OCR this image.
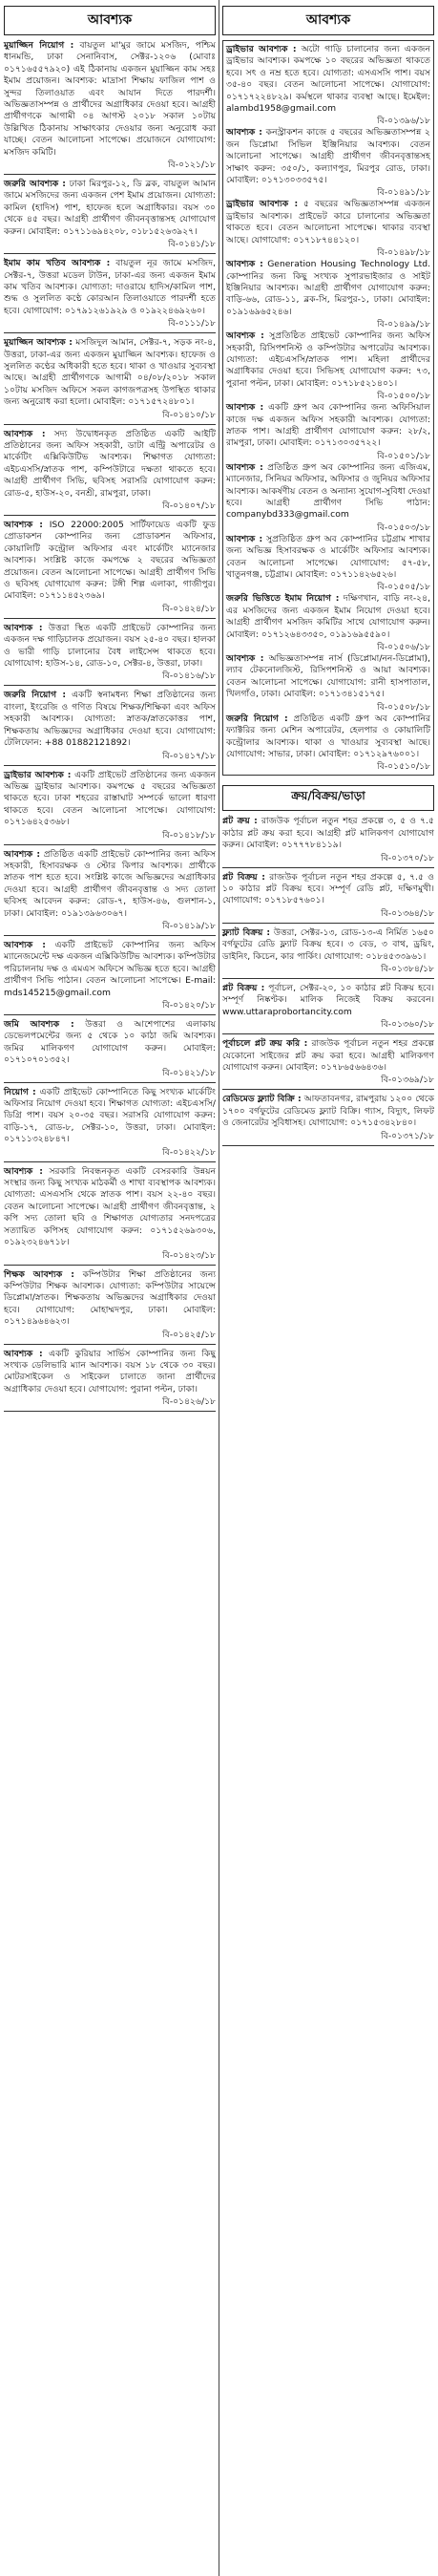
আবশ্যক
মুয়াজ্জিন নিয়োগ : বায়তুল মা'মুর জামে মসজিদ, পশ্চিম ধানমন্ডি, ঢাকা সেনানিবাস, সেক্টর-১২০৬ (মোবাঃ ০১৭১৬৫৫৭৯২০) এই ঠিকানায় একজন মুয়াজ্জিন কাম সহঃ ইমাম প্রয়োজন। আবশ্যক: মাদ্রাসা শিক্ষায় ফাজিল পাশ ও সুন্দর তিলাওয়াত এবং আযান দিতে পারদর্শী। অভিজ্ঞতাসম্পন্ন ও প্রার্থীদের অগ্রাধিকার দেওয়া হবে। আগ্রহী প্রার্থীগণকে আগামী ০৪ আগস্ট ২০১৮ সকাল ১০টায় উল্লিখিত ঠিকানায় সাক্ষাৎকার দেওয়ার জন্য অনুরোধ করা যাচ্ছে। বেতন আলোচনা সাপেক্ষে। প্রয়োজনে যোগাযোগ: মসজিদ কমিটি।
বি-০১২১/১৮
জরুরি আবশ্যক : ঢাকা মিরপুর-১২, ডি ব্লক, বায়তুল আমান জামে মসজিদের জন্য একজন পেশ ইমাম প্রয়োজন। যোগ্যতা: কামিল (হাদিস) পাশ, হাফেজ হলে অগ্রাধিকার। বয়স ৩০ থেকে ৪৫ বছর। আগ্রহী প্রার্থীগণ জীবনবৃত্তান্তসহ যোগাযোগ করুন। মোবাইল: ০১৭১১৬৯৪২০৮, ০১৮১৫২৬৩৯২৭।
বি-০১৪১/১৮
ইমাম কাম খতিব আবশ্যক : বায়তুল নূর জামে মসজিদ, সেক্টর-৭, উত্তরা মডেল টাউন, ঢাকা-এর জন্য একজন ইমাম কাম খতিব আবশ্যক। যোগ্যতা: দাওরায়ে হাদিস/কামিল পাশ, শুদ্ধ ও সুললিত কণ্ঠে কোরআন তিলাওয়াতে পারদর্শী হতে হবে। যোগাযোগ: ০১৭৯১২৬১৯২৯ ও ০১৯২২৪৬৯২৬০।
বি-০১১১/১৮
মুয়াজ্জিন আবশ্যক : মসজিদুল আমান, সেক্টর-৭, সড়ক নং-৪, উত্তরা, ঢাকা-এর জন্য একজন মুয়াজ্জিন আবশ্যক। হাফেজ ও সুললিত কণ্ঠের অধিকারী হতে হবে। থাকা ও খাওয়ার সুব্যবস্থা আছে। আগ্রহী প্রার্থীগণকে আগামী ০৪/০৮/২০১৮ সকাল ১০টায় মসজিদ অফিসে সকল কাগজপত্রসহ উপস্থিত থাকার জন্য অনুরোধ করা হলো। মোবাইল: ০১৭১৫৭২৪৮০১।
বি-০১৪১০/১৮
আবশ্যক : সদ্য উদ্বোধনকৃত প্রতিষ্ঠিত একটি আইটি প্রতিষ্ঠানের জন্য অফিস সহকারী, ডাটা এন্ট্রি অপারেটর ও মার্কেটিং এক্সিকিউটিভ আবশ্যক। শিক্ষাগত যোগ্যতা: এইচএসসি/স্নাতক পাশ, কম্পিউটারে দক্ষতা থাকতে হবে। আগ্রহী প্রার্থীগণ সিভি, ছবিসহ সরাসরি যোগাযোগ করুন: রোড-৫, হাউস-২০, বনশ্রী, রামপুরা, ঢাকা।
বি-০১৪০৭/১৮
আবশ্যক : ISO 22000:2005 সার্টিফায়েড একটি ফুড প্রোডাকশন কোম্পানির জন্য প্রোডাকশন অফিসার, কোয়ালিটি কন্ট্রোল অফিসার এবং মার্কেটিং ম্যানেজার আবশ্যক। সংশ্লিষ্ট কাজে কমপক্ষে ২ বছরের অভিজ্ঞতা প্রয়োজন। বেতন আলোচনা সাপেক্ষে। আগ্রহী প্রার্থীগণ সিভি ও ছবিসহ যোগাযোগ করুন: টঙ্গী শিল্প এলাকা, গাজীপুর। মোবাইল: ০১৭১১৪৫২৩৬৯।
বি-০১৪২৪/১৮
আবশ্যক : উত্তরা স্থিত একটি প্রাইভেট কোম্পানির জন্য একজন দক্ষ গাড়িচালক প্রয়োজন। বয়স ২৫-৪০ বছর। হালকা ও ভারী গাড়ি চালানোর বৈধ লাইসেন্স থাকতে হবে। যোগাযোগ: হাউস-১৪, রোড-১০, সেক্টর-৪, উত্তরা, ঢাকা।
বি-০১৪১৬/১৮
জরুরি নিয়োগ : একটি স্বনামধন্য শিক্ষা প্রতিষ্ঠানের জন্য বাংলা, ইংরেজি ও গণিত বিষয়ে শিক্ষক/শিক্ষিকা এবং অফিস সহকারী আবশ্যক। যোগ্যতা: স্নাতক/স্নাতকোত্তর পাশ, শিক্ষকতায় অভিজ্ঞদের অগ্রাধিকার দেওয়া হবে। যোগাযোগ: টেলিফোন: +88 01882121892।
বি-০১৪১৭/১৮
ড্রাইভার আবশ্যক : একটি প্রাইভেট প্রতিষ্ঠানের জন্য একজন অভিজ্ঞ ড্রাইভার আবশ্যক। কমপক্ষে ৫ বছরের অভিজ্ঞতা থাকতে হবে। ঢাকা শহরের রাস্তাঘাট সম্পর্কে ভালো ধারণা থাকতে হবে। বেতন আলোচনা সাপেক্ষে। যোগাযোগ: ০১৭১৬৪২৫৩৬৮।
বি-০১৪১৮/১৮
আবশ্যক : প্রতিষ্ঠিত একটি প্রাইভেট কোম্পানির জন্য অফিস সহকারী, হিসাবরক্ষক ও স্টোর কিপার আবশ্যক। প্রার্থীকে স্নাতক পাশ হতে হবে। সংশ্লিষ্ট কাজে অভিজ্ঞদের অগ্রাধিকার দেওয়া হবে। আগ্রহী প্রার্থীগণ জীবনবৃত্তান্ত ও সদ্য তোলা ছবিসহ আবেদন করুন: রোড-৭, হাউস-৪৬, গুলশান-১, ঢাকা। মোবাইল: ০১৯১৩৯৬৩০৬৭।
বি-০১৪১৯/১৮
আবশ্যক : একটি প্রাইভেট কোম্পানির জন্য অফিস ম্যানেজমেন্টে দক্ষ একজন এক্সিকিউটিভ আবশ্যক। কম্পিউটার পরিচালনায় দক্ষ ও এমএস অফিসে অভিজ্ঞ হতে হবে। আগ্রহী প্রার্থীগণ সিভি পাঠান। বেতন আলোচনা সাপেক্ষে। E-mail: mds145215@gmail.com
বি-০১৪২০/১৮
জমি আবশ্যক : উত্তরা ও আশেপাশের এলাকায় ডেভেলপমেন্টের জন্য ৫ থেকে ১০ কাঠা জমি আবশ্যক। জমির মালিকগণ যোগাযোগ করুন। মোবাইল: ০১৭১০৭০১৩৫২।
বি-০১৪২১/১৮
নিয়োগ : একটি প্রাইভেট কোম্পানিতে কিছু সংখ্যক মার্কেটিং অফিসার নিয়োগ দেওয়া হবে। শিক্ষাগত যোগ্যতা: এইচএসসি/ডিগ্রি পাশ। বয়স ২০-৩৫ বছর। সরাসরি যোগাযোগ করুন: বাড়ি-১৭, রোড-৮, সেক্টর-১০, উত্তরা, ঢাকা। মোবাইল: ০১৭১১৩২৪৮৪৭।
বি-০১৪২২/১৮
আবশ্যক : সরকারি নিবন্ধনকৃত একটি বেসরকারি উন্নয়ন সংস্থার জন্য কিছু সংখ্যক মাঠকর্মী ও শাখা ব্যবস্থাপক আবশ্যক। যোগ্যতা: এসএসসি থেকে স্নাতক পাশ। বয়স ২২-৪০ বছর। বেতন আলোচনা সাপেক্ষে। আগ্রহী প্রার্থীগণ জীবনবৃত্তান্ত, ২ কপি সদ্য তোলা ছবি ও শিক্ষাগত যোগ্যতার সনদপত্রের সত্যায়িত কপিসহ যোগাযোগ করুন: ০১৭১৫২৬৯৩০৬, ০১৯২৩২৪৬৭১৮।
বি-০১৪২৩/১৮
শিক্ষক আবশ্যক : কম্পিউটার শিক্ষা প্রতিষ্ঠানের জন্য কম্পিউটার শিক্ষক আবশ্যক। যোগ্যতা: কম্পিউটার সায়েন্সে ডিপ্লোমা/স্নাতক। শিক্ষকতায় অভিজ্ঞদের অগ্রাধিকার দেওয়া হবে। যোগাযোগ: মোহাম্মদপুর, ঢাকা। মোবাইল: ০১৭১৪৯৬৪৬২৩।
বি-০১৪২৫/১৮
আবশ্যক : একটি কুরিয়ার সার্ভিস কোম্পানির জন্য কিছু সংখ্যক ডেলিভারি ম্যান আবশ্যক। বয়স ১৮ থেকে ৩০ বছর। মোটরসাইকেল ও সাইকেল চালাতে জানা প্রার্থীদের অগ্রাধিকার দেওয়া হবে। যোগাযোগ: পুরানা পল্টন, ঢাকা।
বি-০১৪২৬/১৮
আবশ্যক
ড্রাইভার আবশ্যক : অটো গাড়ি চালানোর জন্য একজন ড্রাইভার আবশ্যক। কমপক্ষে ১০ বছরের অভিজ্ঞতা থাকতে হবে। সৎ ও নম্র হতে হবে। যোগ্যতা: এসএসসি পাশ। বয়স ৩৫-৪০ বছর। বেতন আলোচনা সাপেক্ষে। যোগাযোগ: ০১৭১৭২২৪৮২৯। কর্মস্থলে থাকার ব্যবস্থা আছে। ইমেইল: alambd1958@gmail.com
বি-০১৩৯৬/১৮
আবশ্যক : কনস্ট্রাকশন কাজে ৫ বছরের অভিজ্ঞতাসম্পন্ন ২ জন ডিপ্লোমা সিভিল ইঞ্জিনিয়ার আবশ্যক। বেতন আলোচনা সাপেক্ষে। আগ্রহী প্রার্থীগণ জীবনবৃত্তান্তসহ সাক্ষাৎ করুন: ৩৫০/১, কল্যাণপুর, মিরপুর রোড, ঢাকা। মোবাইল: ০১৭১৩০৩৩৫৭৫।
বি-০১৪৯১/১৮
ড্রাইভার আবশ্যক : ৫ বছরের অভিজ্ঞতাসম্পন্ন একজন ড্রাইভার আবশ্যক। প্রাইভেট কারে চালানোর অভিজ্ঞতা থাকতে হবে। বেতন আলোচনা সাপেক্ষে। থাকার ব্যবস্থা আছে। যোগাযোগ: ০১৭১৮৭৪৪১২০।
বি-০১৪৯৮/১৮
আবশ্যক : Generation Housing Technology Ltd. কোম্পানির জন্য কিছু সংখ্যক সুপারভাইজার ও সাইট ইঞ্জিনিয়ার আবশ্যক। আগ্রহী প্রার্থীগণ যোগাযোগ করুন: বাড়ি-৬৬, রোড-১১, ব্লক-সি, মিরপুর-১, ঢাকা। মোবাইল: ০১৯১৬৯৬৫২৪৬।
বি-০১৪৯৯/১৮
আবশ্যক : সুপ্রতিষ্ঠিত প্রাইভেট কোম্পানির জন্য অফিস সহকারী, রিসিপশনিস্ট ও কম্পিউটার অপারেটর আবশ্যক। যোগ্যতা: এইচএসসি/স্নাতক পাশ। মহিলা প্রার্থীদের অগ্রাধিকার দেওয়া হবে। সিভিসহ যোগাযোগ করুন: ৭৩, পুরানা পল্টন, ঢাকা। মোবাইল: ০১৭১৮৫২১৪০১।
বি-০১৫০০/১৮
আবশ্যক : একটি গ্রুপ অব কোম্পানির জন্য অফিসিয়াল কাজে দক্ষ একজন অফিস সহকারী আবশ্যক। যোগ্যতা: স্নাতক পাশ। আগ্রহী প্রার্থীগণ যোগাযোগ করুন: ২৮/২, রামপুরা, ঢাকা। মোবাইল: ০১৭১৩০৩৫৭২২।
বি-০১৫০১/১৮
আবশ্যক : প্রতিষ্ঠিত গ্রুপ অব কোম্পানির জন্য এজিএম, ম্যানেজার, সিনিয়র অফিসার, অফিসার ও জুনিয়র অফিসার আবশ্যক। আকর্ষণীয় বেতন ও অন্যান্য সুযোগ-সুবিধা দেওয়া হবে। আগ্রহী প্রার্থীগণ সিভি পাঠান: companybd333@gmail.com
বি-০১৫০৩/১৮
আবশ্যক : সুপ্রতিষ্ঠিত গ্রুপ অব কোম্পানির চট্টগ্রাম শাখার জন্য অভিজ্ঞ হিসাবরক্ষক ও মার্কেটিং অফিসার আবশ্যক। বেতন আলোচনা সাপেক্ষে। যোগাযোগ: ৫৭-৫৮, খাতুনগঞ্জ, চট্টগ্রাম। মোবাইল: ০১৭১১৪২৬৫২৬।
বি-০১৫০৫/১৮
জরুরি ভিত্তিতে ইমাম নিয়োগ : দক্ষিণখান, বাড়ি নং-২৪, এর মসজিদের জন্য একজন ইমাম নিয়োগ দেওয়া হবে। আগ্রহী প্রার্থীগণ মসজিদ কমিটির সাথে যোগাযোগ করুন। মোবাইল: ০১৭১২৬৪৩৩৫০, ০১৯১৬৯৫৫৯০।
বি-০১৫০৬/১৮
আবশ্যক : অভিজ্ঞতাসম্পন্ন নার্স (ডিপ্লোমা/নন-ডিপ্লোমা), ল্যাব টেকনোলজিস্ট, রিসিপশনিস্ট ও আয়া আবশ্যক। বেতন আলোচনা সাপেক্ষে। যোগাযোগ: রানী হাসপাতাল, খিলগাঁও, ঢাকা। মোবাইল: ০১৭১৩৪১৫১৭৫।
বি-০১৫০৮/১৮
জরুরি নিয়োগ : প্রতিষ্ঠিত একটি গ্রুপ অব কোম্পানির ফ্যাক্টরির জন্য মেশিন অপারেটর, হেলপার ও কোয়ালিটি কন্ট্রোলার আবশ্যক। থাকা ও খাওয়ার সুব্যবস্থা আছে। যোগাযোগ: সাভার, ঢাকা। মোবাইল: ০১৭১২৯৭৬০০১।
বি-০১৫১০/১৮
ক্রয়/বিক্রয়/ভাড়া
প্লট ক্রয় : রাজউক পূর্বাচল নতুন শহর প্রকল্পে ৩, ৫ ও ৭.৫ কাঠার প্লট ক্রয় করা হবে। আগ্রহী প্লট মালিকগণ যোগাযোগ করুন। মোবাইল: ০১৭৭৭৮৪১১৯।
বি-০১৩৭০/১৮
প্লট বিক্রয় : রাজউক পূর্বাচল নতুন শহর প্রকল্পে ৫, ৭.৫ ও ১০ কাঠার প্লট বিক্রয় হবে। সম্পূর্ণ রেডি প্লট, দক্ষিণমুখী। যোগাযোগ: ০১৭১৮৫৭৬০১।
বি-০১৩৬৪/১৮
ফ্ল্যাট বিক্রয় : উত্তরা, সেক্টর-১৩, রোড-১৩-এ নির্মিত ১৬৫০ বর্গফুটের রেডি ফ্ল্যাট বিক্রয় হবে। ৩ বেড, ৩ বাথ, ড্রয়িং, ডাইনিং, কিচেন, কার পার্কিং। যোগাযোগ: ০১৮৪৫৩৩৯৬১।
বি-০১৩৮৪/১৮
প্লট বিক্রয় : পূর্বাচল, সেক্টর-২০, ১০ কাঠার প্লট বিক্রয় হবে। সম্পূর্ণ নিষ্কণ্টক। মালিক নিজেই বিক্রয় করবেন। www.uttaraprobortancity.com
বি-০১৩৬০/১৮
পূর্বাচলে প্লট ক্রয় করি : রাজউক পূর্বাচল নতুন শহর প্রকল্পে যেকোনো সাইজের প্লট ক্রয় করা হবে। আগ্রহী মালিকগণ যোগাযোগ করুন। মোবাইল: ০১৭৮৬৫৬৬৪৩৬।
বি-০১৩৬৯/১৮
রেডিমেড ফ্ল্যাট বিক্রি : আফতাবনগর, রামপুরায় ১২০০ থেকে ১৭০০ বর্গফুটের রেডিমেড ফ্ল্যাট বিক্রি। গ্যাস, বিদ্যুৎ, লিফট ও জেনারেটর সুবিধাসহ। যোগাযোগ: ০১৭১৫৩৪২৮৪০।
বি-০১৩৭১/১৮
